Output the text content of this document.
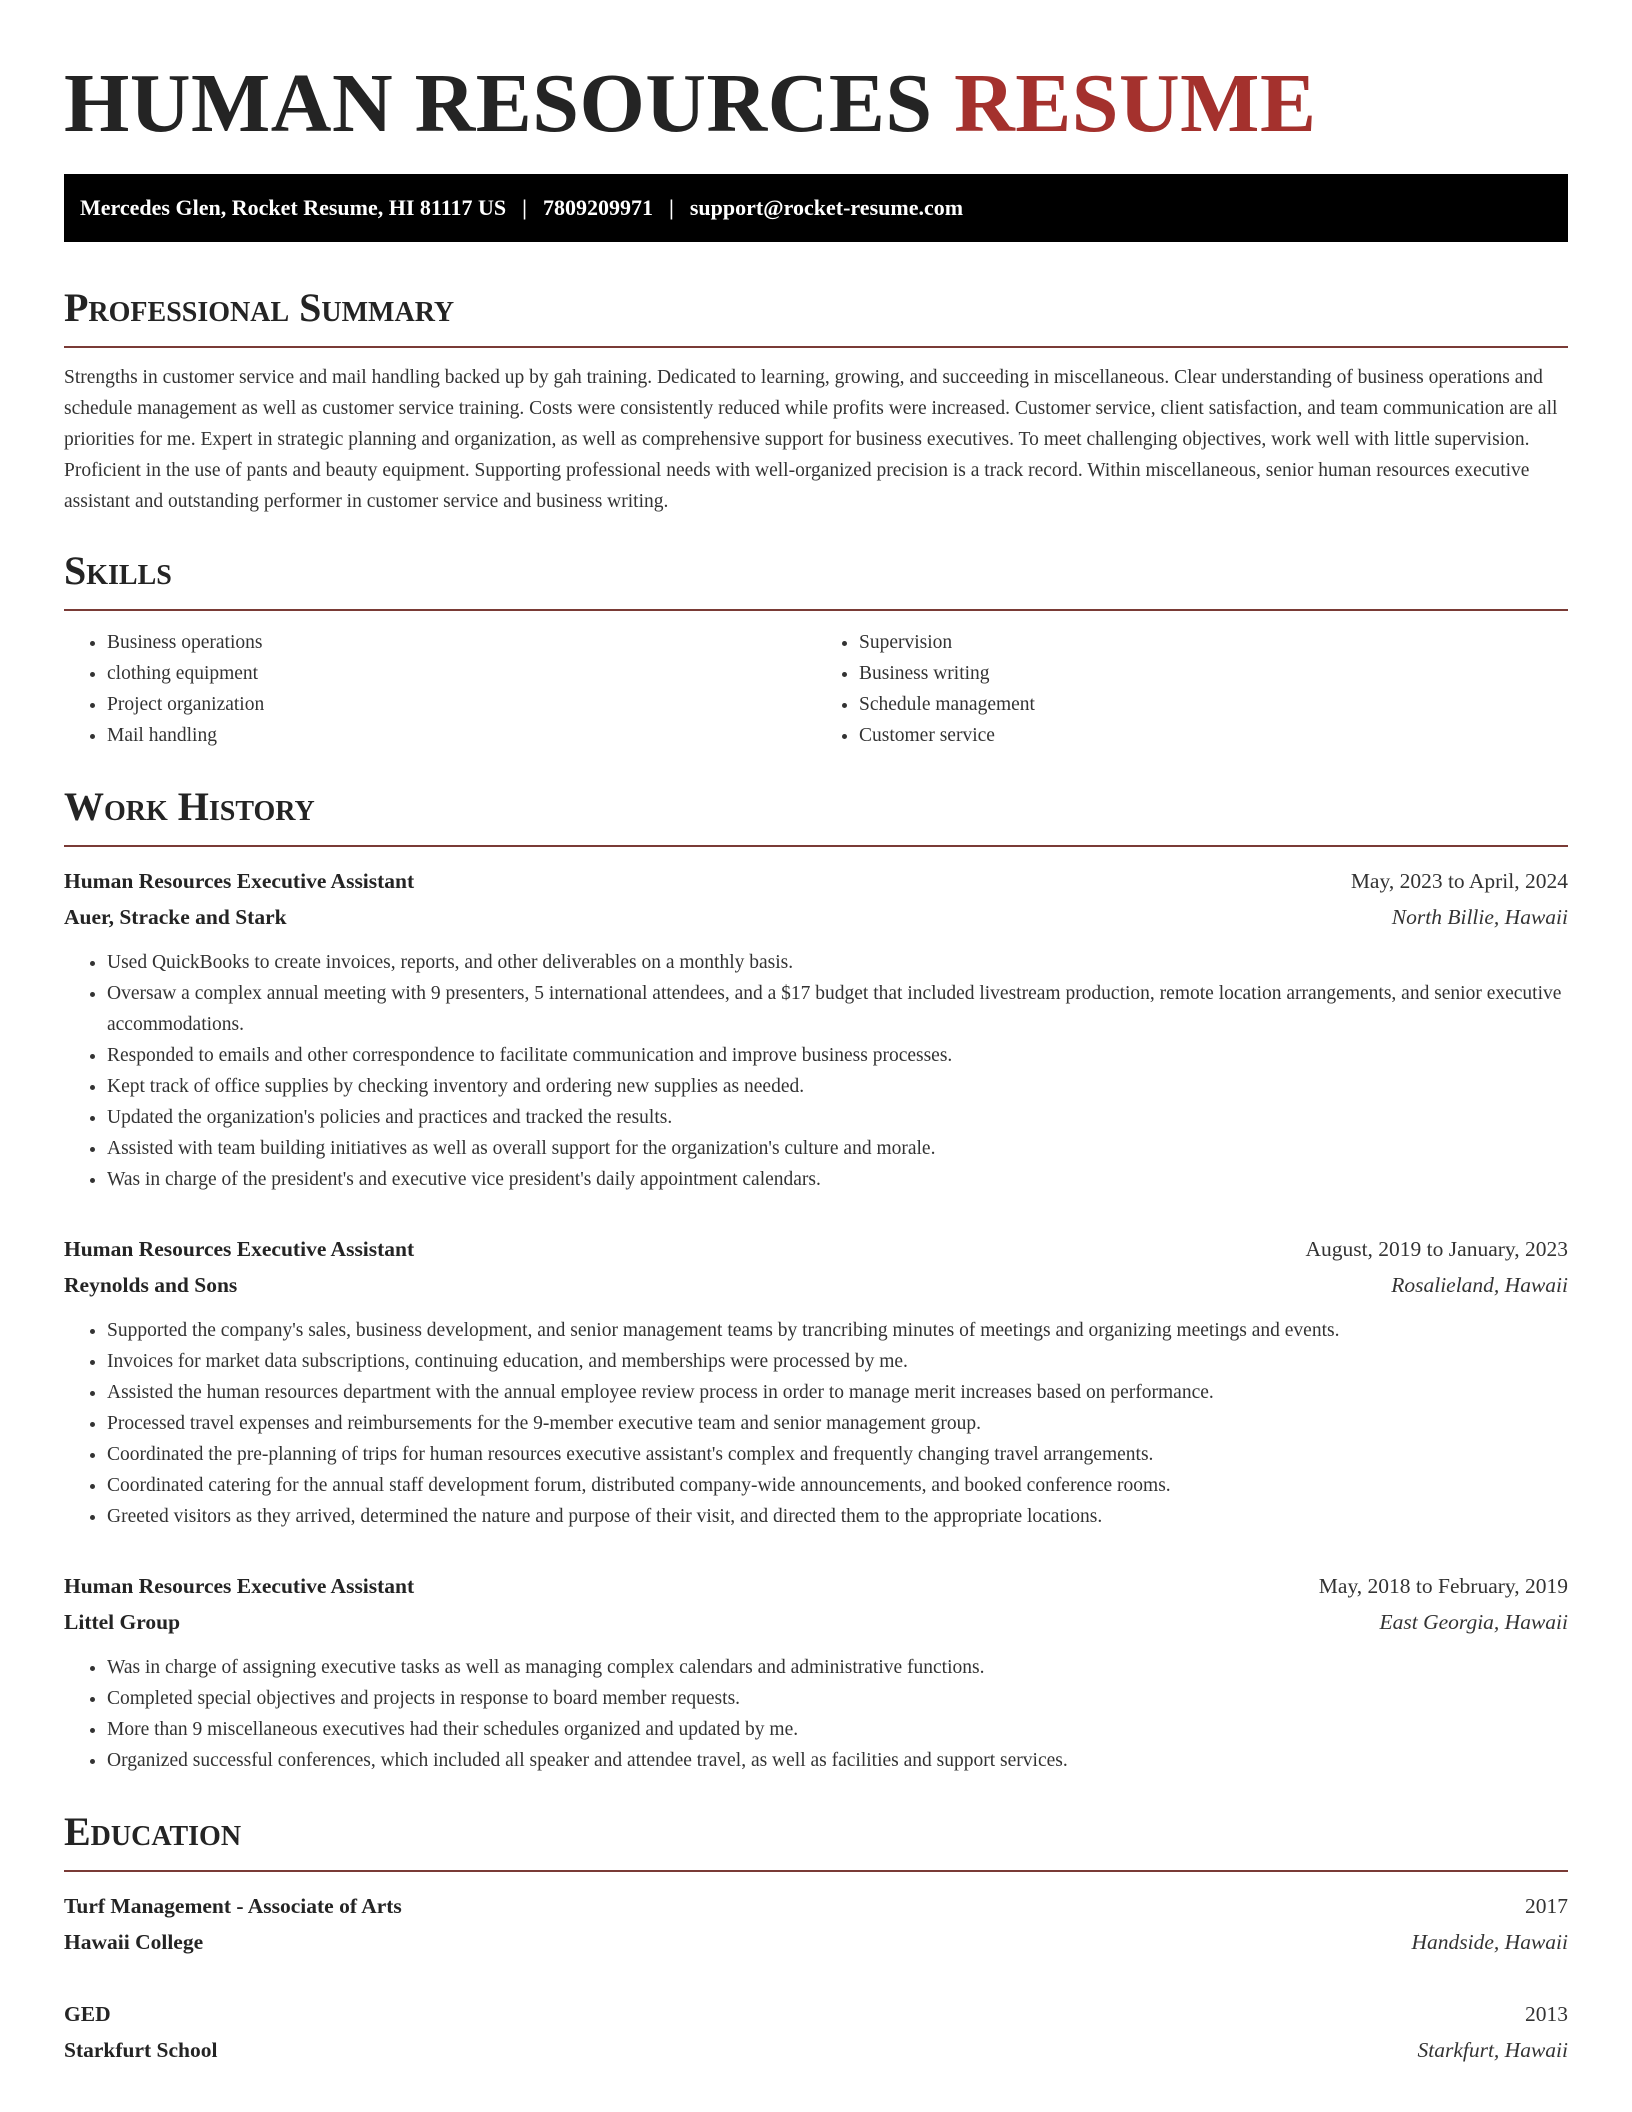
HUMAN RESOURCES RESUME
Mercedes Glen, Rocket Resume, HI 81117 US | 7809209971 | support@rocket-resume.com
Professional Summary

Strengths in customer service and mail handling backed up by gah training. Dedicated to learning, growing, and succeeding in miscellaneous. Clear understanding of business operations and schedule management as well as customer service training. Costs were consistently reduced while profits were increased. Customer service, client satisfaction, and team communication are all priorities for me. Expert in strategic planning and organization, as well as comprehensive support for business executives. To meet challenging objectives, work well with little supervision. Proficient in the use of pants and beauty equipment. Supporting professional needs with well-organized precision is a track record. Within miscellaneous, senior human resources executive assistant and outstanding performer in customer service and business writing.

Skills
• Business operations
• clothing equipment
• Project organization
• Mail handling
• Supervision
• Business writing
• Schedule management
• Customer service
Work History
Human Resources Executive Assistant	May, 2023 to April, 2024
Auer, Stracke and Stark	North Billie, Hawaii
• Used QuickBooks to create invoices, reports, and other deliverables on a monthly basis.
• Oversaw a complex annual meeting with 9 presenters, 5 international attendees, and a $17 budget that included livestream production, remote location arrangements, and senior executive accommodations.
• Responded to emails and other correspondence to facilitate communication and improve business processes.
• Kept track of office supplies by checking inventory and ordering new supplies as needed.
• Updated the organization's policies and practices and tracked the results.
• Assisted with team building initiatives as well as overall support for the organization's culture and morale.
• Was in charge of the president's and executive vice president's daily appointment calendars.
Human Resources Executive Assistant	August, 2019 to January, 2023
Reynolds and Sons	Rosalieland, Hawaii
• Supported the company's sales, business development, and senior management teams by trancribing minutes of meetings and organizing meetings and events.
• Invoices for market data subscriptions, continuing education, and memberships were processed by me.
• Assisted the human resources department with the annual employee review process in order to manage merit increases based on performance.
• Processed travel expenses and reimbursements for the 9-member executive team and senior management group.
• Coordinated the pre-planning of trips for human resources executive assistant's complex and frequently changing travel arrangements.
• Coordinated catering for the annual staff development forum, distributed company-wide announcements, and booked conference rooms.
• Greeted visitors as they arrived, determined the nature and purpose of their visit, and directed them to the appropriate locations.
Human Resources Executive Assistant	May, 2018 to February, 2019
Littel Group	East Georgia, Hawaii
• Was in charge of assigning executive tasks as well as managing complex calendars and administrative functions.
• Completed special objectives and projects in response to board member requests.
• More than 9 miscellaneous executives had their schedules organized and updated by me.
• Organized successful conferences, which included all speaker and attendee travel, as well as facilities and support services.
Education
Turf Management - Associate of Arts	2017
Hawaii College	Handside, Hawaii
GED	2013
Starkfurt School	Starkfurt, Hawaii
